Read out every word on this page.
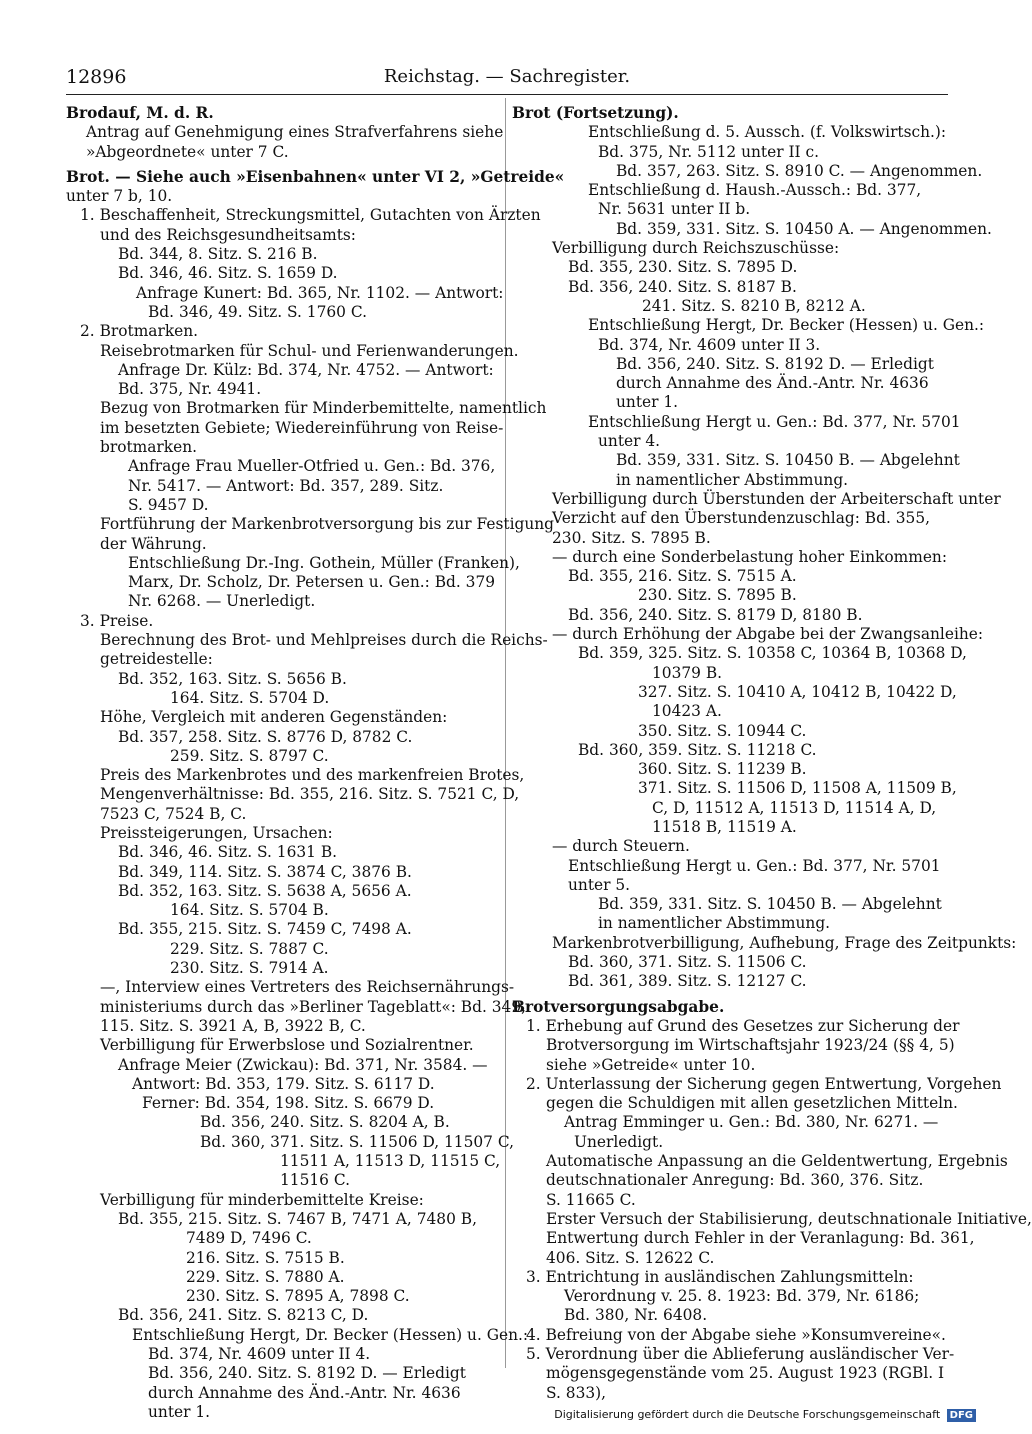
12896	Reichstag. — Sachregister.
Brodauf, M. d. R.
Antrag auf Genehmigung eines Strafverfahrens siehe
»Abgeordnete« unter 7 C.
Brot. — Siehe auch »Eisenbahnen« unter VI 2, »Getreide«
unter 7 b, 10.
1. Beschaffenheit, Streckungsmittel, Gutachten von Ärzten
und des Reichsgesundheitsamts:
Bd. 344, 8. Sitz. S. 216 B.
Bd. 346, 46. Sitz. S. 1659 D.
Anfrage Kunert: Bd. 365, Nr. 1102. — Antwort:
Bd. 346, 49. Sitz. S. 1760 C.
2. Brotmarken.
Reisebrotmarken für Schul- und Ferienwanderungen.
Anfrage Dr. Külz: Bd. 374, Nr. 4752. — Antwort:
Bd. 375, Nr. 4941.
Bezug von Brotmarken für Minderbemittelte, namentlich
im besetzten Gebiete; Wiedereinführung von Reise-
brotmarken.
Anfrage Frau Mueller-Otfried u. Gen.: Bd. 376,
Nr. 5417. — Antwort: Bd. 357, 289. Sitz.
S. 9457 D.
Fortführung der Markenbrotversorgung bis zur Festigung
der Währung.
Entschließung Dr.-Ing. Gothein, Müller (Franken),
Marx, Dr. Scholz, Dr. Petersen u. Gen.: Bd. 379
Nr. 6268. — Unerledigt.
3. Preise.
Berechnung des Brot- und Mehlpreises durch die Reichs-
getreidestelle:
Bd. 352, 163. Sitz. S. 5656 B.
164. Sitz. S. 5704 D.
Höhe, Vergleich mit anderen Gegenständen:
Bd. 357, 258. Sitz. S. 8776 D, 8782 C.
259. Sitz. S. 8797 C.
Preis des Markenbrotes und des markenfreien Brotes,
Mengenverhältnisse: Bd. 355, 216. Sitz. S. 7521 C, D,
7523 C, 7524 B, C.
Preissteigerungen, Ursachen:
Bd. 346, 46. Sitz. S. 1631 B.
Bd. 349, 114. Sitz. S. 3874 C, 3876 B.
Bd. 352, 163. Sitz. S. 5638 A, 5656 A.
164. Sitz. S. 5704 B.
Bd. 355, 215. Sitz. S. 7459 C, 7498 A.
229. Sitz. S. 7887 C.
230. Sitz. S. 7914 A.
—, Interview eines Vertreters des Reichsernährungs-
ministeriums durch das »Berliner Tageblatt«: Bd. 349,
115. Sitz. S. 3921 A, B, 3922 B, C.
Verbilligung für Erwerbslose und Sozialrentner.
Anfrage Meier (Zwickau): Bd. 371, Nr. 3584. —
Antwort: Bd. 353, 179. Sitz. S. 6117 D.
Ferner: Bd. 354, 198. Sitz. S. 6679 D.
Bd. 356, 240. Sitz. S. 8204 A, B.
Bd. 360, 371. Sitz. S. 11506 D, 11507 C,
11511 A, 11513 D, 11515 C,
11516 C.
Verbilligung für minderbemittelte Kreise:
Bd. 355, 215. Sitz. S. 7467 B, 7471 A, 7480 B,
7489 D, 7496 C.
216. Sitz. S. 7515 B.
229. Sitz. S. 7880 A.
230. Sitz. S. 7895 A, 7898 C.
Bd. 356, 241. Sitz. S. 8213 C, D.
Entschließung Hergt, Dr. Becker (Hessen) u. Gen.:
Bd. 374, Nr. 4609 unter II 4.
Bd. 356, 240. Sitz. S. 8192 D. — Erledigt
durch Annahme des Änd.-Antr. Nr. 4636
unter 1.
Brot (Fortsetzung).
Entschließung d. 5. Aussch. (f. Volkswirtsch.):
Bd. 375, Nr. 5112 unter II c.
Bd. 357, 263. Sitz. S. 8910 C. — Angenommen.
Entschließung d. Haush.-Aussch.: Bd. 377,
Nr. 5631 unter II b.
Bd. 359, 331. Sitz. S. 10450 A. — Angenommen.
Verbilligung durch Reichszuschüsse:
Bd. 355, 230. Sitz. S. 7895 D.
Bd. 356, 240. Sitz. S. 8187 B.
241. Sitz. S. 8210 B, 8212 A.
Entschließung Hergt, Dr. Becker (Hessen) u. Gen.:
Bd. 374, Nr. 4609 unter II 3.
Bd. 356, 240. Sitz. S. 8192 D. — Erledigt
durch Annahme des Änd.-Antr. Nr. 4636
unter 1.
Entschließung Hergt u. Gen.: Bd. 377, Nr. 5701
unter 4.
Bd. 359, 331. Sitz. S. 10450 B. — Abgelehnt
in namentlicher Abstimmung.
Verbilligung durch Überstunden der Arbeiterschaft unter
Verzicht auf den Überstundenzuschlag: Bd. 355,
230. Sitz. S. 7895 B.
— durch eine Sonderbelastung hoher Einkommen:
Bd. 355, 216. Sitz. S. 7515 A.
230. Sitz. S. 7895 B.
Bd. 356, 240. Sitz. S. 8179 D, 8180 B.
— durch Erhöhung der Abgabe bei der Zwangsanleihe:
Bd. 359, 325. Sitz. S. 10358 C, 10364 B, 10368 D,
10379 B.
327. Sitz. S. 10410 A, 10412 B, 10422 D,
10423 A.
350. Sitz. S. 10944 C.
Bd. 360, 359. Sitz. S. 11218 C.
360. Sitz. S. 11239 B.
371. Sitz. S. 11506 D, 11508 A, 11509 B,
C, D, 11512 A, 11513 D, 11514 A, D,
11518 B, 11519 A.
— durch Steuern.
Entschließung Hergt u. Gen.: Bd. 377, Nr. 5701
unter 5.
Bd. 359, 331. Sitz. S. 10450 B. — Abgelehnt
in namentlicher Abstimmung.
Markenbrotverbilligung, Aufhebung, Frage des Zeitpunkts:
Bd. 360, 371. Sitz. S. 11506 C.
Bd. 361, 389. Sitz. S. 12127 C.
Brotversorgungsabgabe.
1. Erhebung auf Grund des Gesetzes zur Sicherung der
Brotversorgung im Wirtschaftsjahr 1923/24 (§§ 4, 5)
siehe »Getreide« unter 10.
2. Unterlassung der Sicherung gegen Entwertung, Vorgehen
gegen die Schuldigen mit allen gesetzlichen Mitteln.
Antrag Emminger u. Gen.: Bd. 380, Nr. 6271. —
Unerledigt.
Automatische Anpassung an die Geldentwertung, Ergebnis
deutschnationaler Anregung: Bd. 360, 376. Sitz.
S. 11665 C.
Erster Versuch der Stabilisierung, deutschnationale Initiative,
Entwertung durch Fehler in der Veranlagung: Bd. 361,
406. Sitz. S. 12622 C.
3. Entrichtung in ausländischen Zahlungsmitteln:
Verordnung v. 25. 8. 1923: Bd. 379, Nr. 6186;
Bd. 380, Nr. 6408.
4. Befreiung von der Abgabe siehe »Konsumvereine«.
5. Verordnung über die Ablieferung ausländischer Ver-
mögensgegenstände vom 25. August 1923 (RGBl. I
S. 833),
Digitalisierung gefördert durch die Deutsche Forschungsgemeinschaft DFG
